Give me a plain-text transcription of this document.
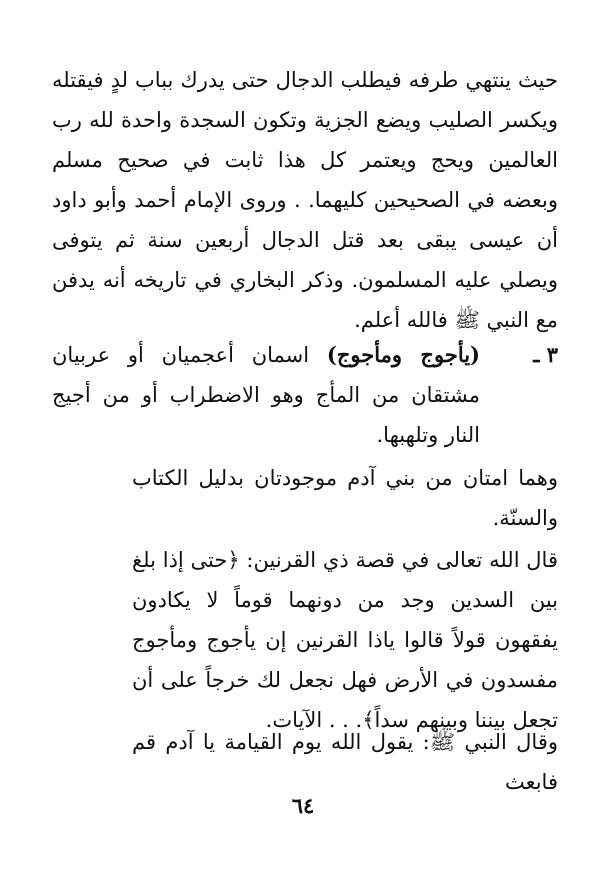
حيث ينتهي طرفه فيطلب الدجال حتى يدرك بباب لدٍ فيقتله ويكسر الصليب ويضع الجزية وتكون السجدة واحدة لله رب العالمين ويحج ويعتمر كل هذا ثابت في صحيح مسلم وبعضه في الصحيحين كليهما. . وروى الإمام أحمد وأبو داود أن عيسى يبقى بعد قتل الدجال أربعين سنة ثم يتوفى ويصلي عليه المسلمون. وذكر البخاري في تاريخه أنه يدفن مع النبي ﷺ فالله أعلم.

٣ ـ
(يأجوج ومأجوج) اسمان أعجميان أو عربيان مشتقان من المأج وهو الاضطراب أو من أجيج النار وتلهبها.

وهما امتان من بني آدم موجودتان بدليل الكتاب والسنّة.

قال الله تعالى في قصة ذي القرنين: ﴿حتى إذا بلغ بين السدين وجد من دونهما قوماً لا يكادون يفقهون قولاً قالوا ياذا القرنين إن يأجوج ومأجوج مفسدون في الأرض فهل نجعل لك خرجاً على أن تجعل بيننا وبينهم سداً﴾. . . الآيات.

وقال النبي ﷺ: يقول الله يوم القيامة يا آدم قم فابعث

٦٤
